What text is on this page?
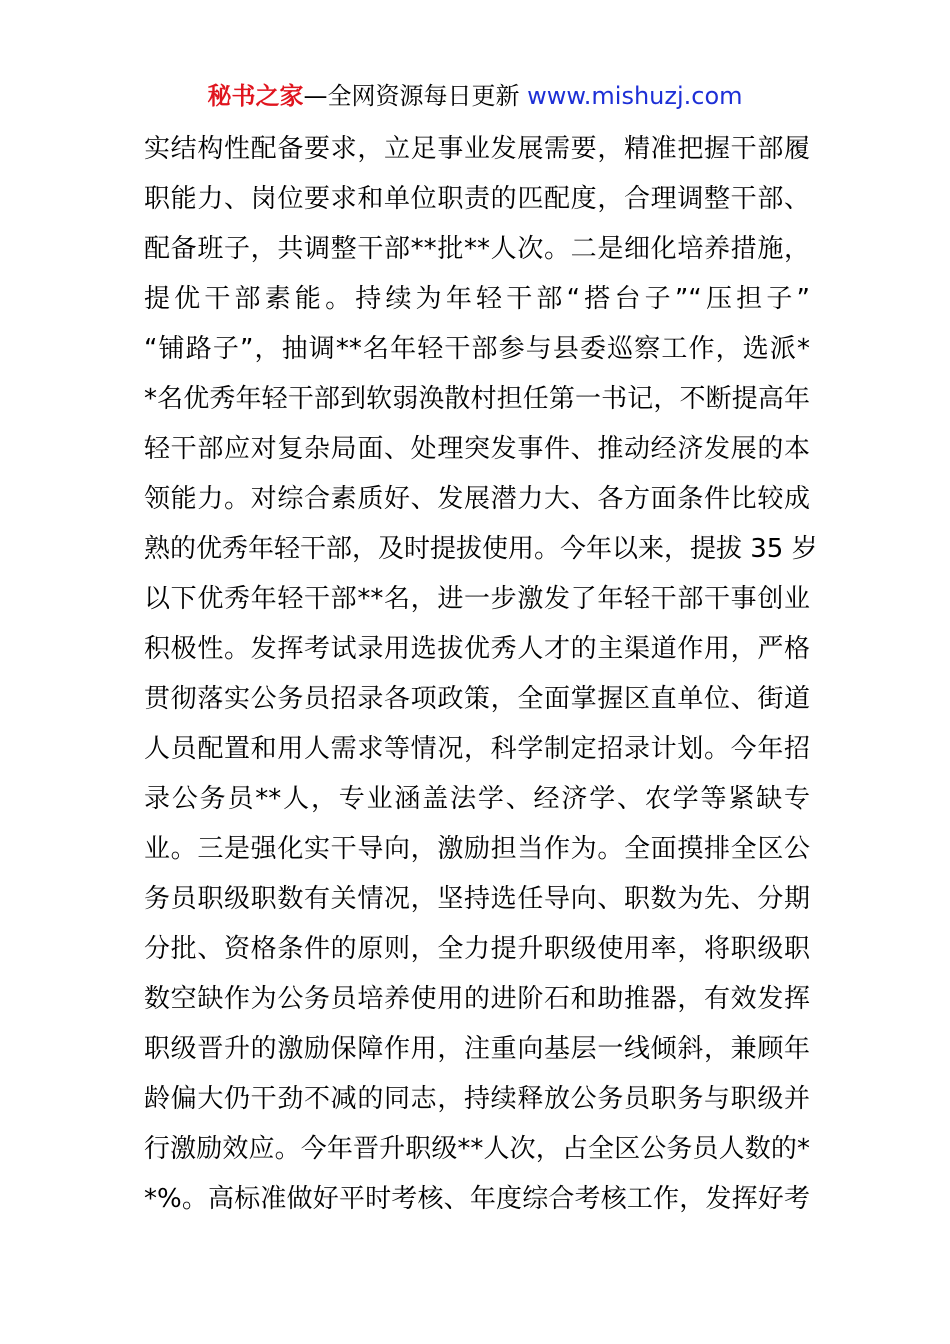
秘书之家—全网资源每日更新 www.mishuzj.com
实结构性配备要求，立足事业发展需要，精准把握干部履
职能力、岗位要求和单位职责的匹配度，合理调整干部、
配备班子，共调整干部**批**人次。二是细化培养措施，
提优干部素能。持续为年轻干部“搭台子”“压担子”
“铺路子”，抽调**名年轻干部参与县委巡察工作，选派*
*名优秀年轻干部到软弱涣散村担任第一书记，不断提高年
轻干部应对复杂局面、处理突发事件、推动经济发展的本
领能力。对综合素质好、发展潜力大、各方面条件比较成
熟的优秀年轻干部，及时提拔使用。今年以来，提拔 35 岁
以下优秀年轻干部**名，进一步激发了年轻干部干事创业
积极性。发挥考试录用选拔优秀人才的主渠道作用，严格
贯彻落实公务员招录各项政策，全面掌握区直单位、街道
人员配置和用人需求等情况，科学制定招录计划。今年招
录公务员**人，专业涵盖法学、经济学、农学等紧缺专
业。三是强化实干导向，激励担当作为。全面摸排全区公
务员职级职数有关情况，坚持选任导向、职数为先、分期
分批、资格条件的原则，全力提升职级使用率，将职级职
数空缺作为公务员培养使用的进阶石和助推器，有效发挥
职级晋升的激励保障作用，注重向基层一线倾斜，兼顾年
龄偏大仍干劲不减的同志，持续释放公务员职务与职级并
行激励效应。今年晋升职级**人次，占全区公务员人数的*
*%。高标准做好平时考核、年度综合考核工作，发挥好考
